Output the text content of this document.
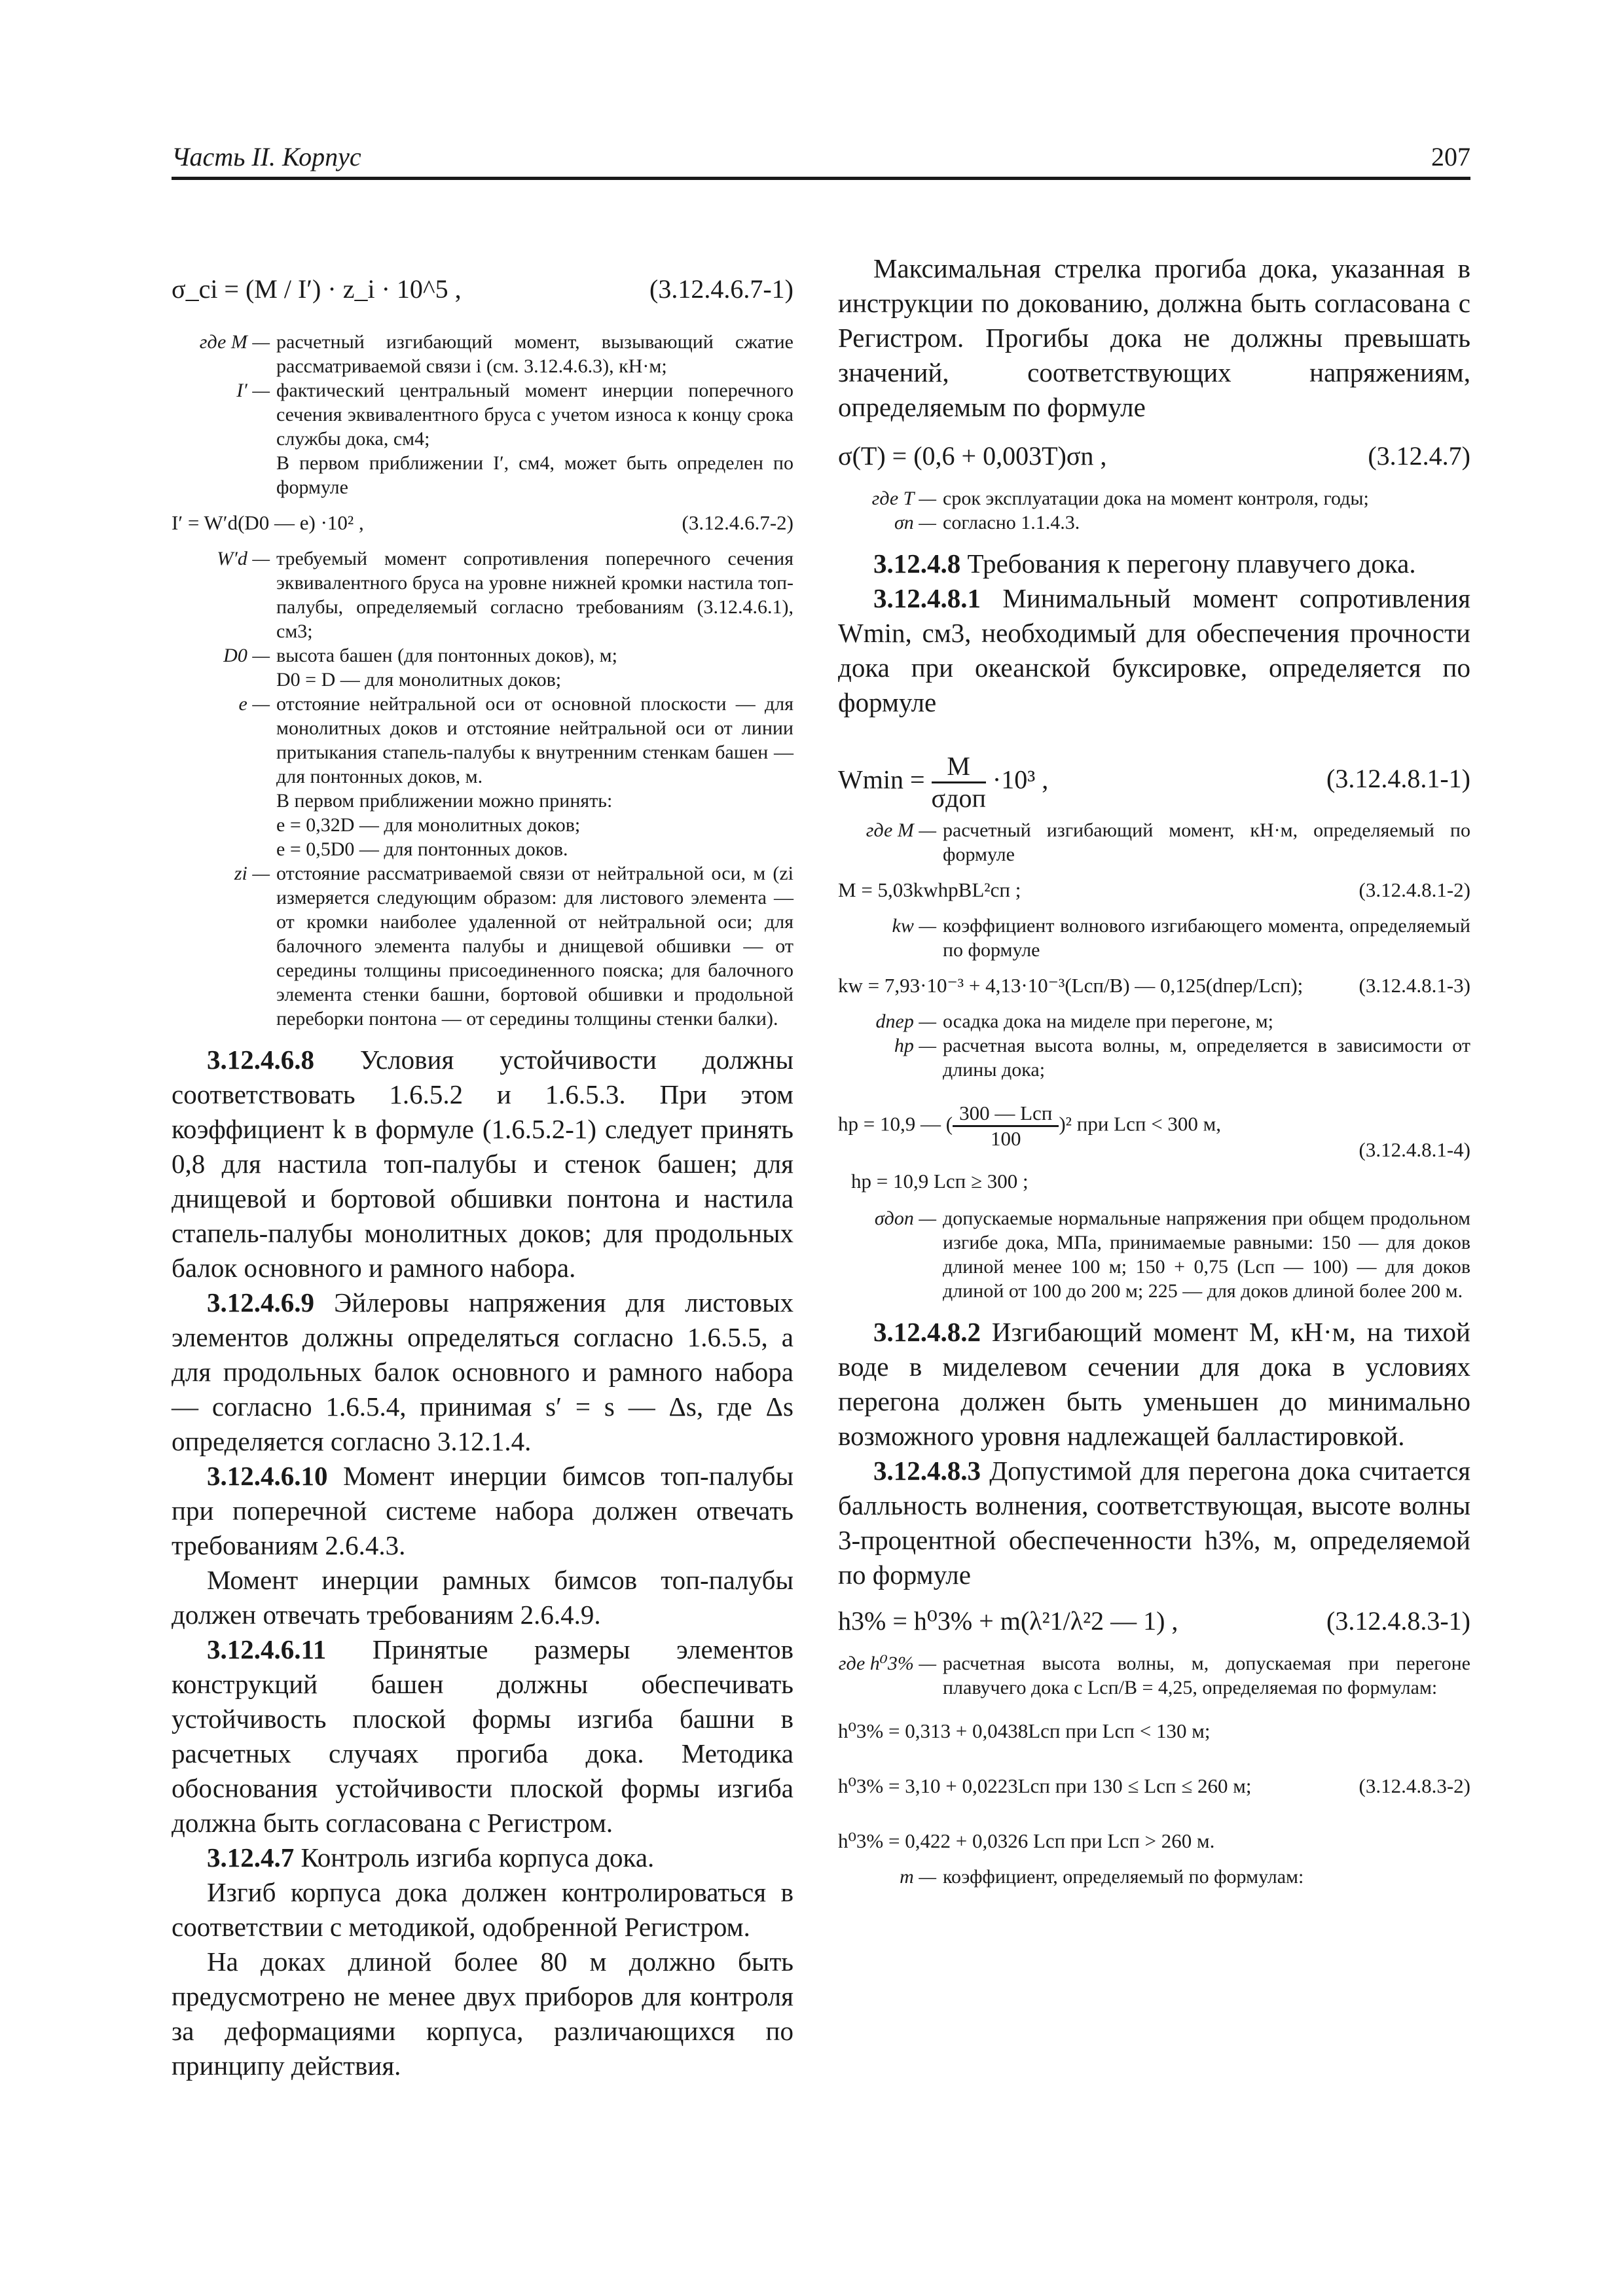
Часть II. Корпус	207
σ_ci = (M / I′) · z_i · 10^5 ,	(3.12.4.6.7-1)
где M — расчетный изгибающий момент, вызывающий сжатие рассматриваемой связи i (см. 3.12.4.6.3), кН·м;
I′ — фактический центральный момент инерции поперечного сечения эквивалентного бруса с учетом износа к концу срока службы дока, см4;
В первом приближении I′, см4, может быть определен по формуле
I′ = W′d(D0 — e) ·10² ,	(3.12.4.6.7-2)
W′d — требуемый момент сопротивления поперечного сечения эквивалентного бруса на уровне нижней кромки настила топ-палубы, определяемый согласно требованиям (3.12.4.6.1), см3;
D0 — высота башен (для понтонных доков), м;
D0 = D — для монолитных доков;
e — отстояние нейтральной оси от основной плоскости — для монолитных доков и отстояние нейтральной оси от линии притыкания стапель-палубы к внутренним стенкам башен — для понтонных доков, м.
В первом приближении можно принять:
e = 0,32D — для монолитных доков;
e = 0,5D0 — для понтонных доков.
zi — отстояние рассматриваемой связи от нейтральной оси, м (zi измеряется следующим образом: для листового элемента — от кромки наиболее удаленной от нейтральной оси; для балочного элемента палубы и днищевой обшивки — от середины толщины присоединенного пояска; для балочного элемента стенки башни, бортовой обшивки и продольной переборки понтона — от середины толщины стенки балки).

3.12.4.6.8 Условия устойчивости должны соответствовать 1.6.5.2 и 1.6.5.3. При этом коэффициент k в формуле (1.6.5.2-1) следует принять 0,8 для настила топ-палубы и стенок башен; для днищевой и бортовой обшивки понтона и настила стапель-палубы монолитных доков; для продольных балок основного и рамного набора.

3.12.4.6.9 Эйлеровы напряжения для листовых элементов должны определяться согласно 1.6.5.5, а для продольных балок основного и рамного набора — согласно 1.6.5.4, принимая s′ = s — Δs, где Δs определяется согласно 3.12.1.4.

3.12.4.6.10 Момент инерции бимсов топ-палубы при поперечной системе набора должен отвечать требованиям 2.6.4.3.

Момент инерции рамных бимсов топ-палубы должен отвечать требованиям 2.6.4.9.

3.12.4.6.11 Принятые размеры элементов конструкций башен должны обеспечивать устойчивость плоской формы изгиба башни в расчетных случаях прогиба дока. Методика обоснования устойчивости плоской формы изгиба должна быть согласована с Регистром.

3.12.4.7 Контроль изгиба корпуса дока.

Изгиб корпуса дока должен контролироваться в соответствии с методикой, одобренной Регистром.

На доках длиной более 80 м должно быть предусмотрено не менее двух приборов для контроля за деформациями корпуса, различающихся по принципу действия.

Максимальная стрелка прогиба дока, указанная в инструкции по докованию, должна быть согласована с Регистром. Прогибы дока не должны превышать значений, соответствующих напряжениям, определяемым по формуле

σ(T) = (0,6 + 0,003T)σn ,	(3.12.4.7)
где T — срок эксплуатации дока на момент контроля, годы;
σn — согласно 1.1.4.3.

3.12.4.8 Требования к перегону плавучего дока.

3.12.4.8.1 Минимальный момент сопротивления Wmin, см3, необходимый для обеспечения прочности дока при океанской буксировке, определяется по формуле

$Wmin = \frac{M}{\text{σдоп}} \cdot 10^3$ ,	(3.12.4.8.1-1)
где M — расчетный изгибающий момент, кН·м, определяемый по формуле
M = 5,03kwhpBL²сп ;	(3.12.4.8.1-2)
kw — коэффициент волнового изгибающего момента, определяемый по формуле
kw = 7,93·10⁻³ + 4,13·10⁻³(Lсп/B) — 0,125(dпер/Lсп);	(3.12.4.8.1-3)
dпер — осадка дока на миделе при перегоне, м;
hp — расчетная высота волны, м, определяется в зависимости от длины дока;
hp = 10,9 — ( $\frac{\text{300 — Lсп}}{100} )^2$ при Lсп < 300 м,
(3.12.4.8.1-4)
hp = 10,9 Lсп ≥ 300 ;
σдоп — допускаемые нормальные напряжения при общем продольном изгибе дока, МПа, принимаемые равными: 150 — для доков длиной менее 100 м; 150 + 0,75 (Lсп — 100) — для доков длиной от 100 до 200 м; 225 — для доков длиной более 200 м.

3.12.4.8.2 Изгибающий момент M, кН·м, на тихой воде в миделевом сечении для дока в условиях перегона должен быть уменьшен до минимально возможного уровня надлежащей балластировкой.

3.12.4.8.3 Допустимой для перегона дока считается балльность волнения, соответствующая, высоте волны 3-процентной обеспеченности h3%, м, определяемой по формуле

h3% = h⁰3% + m(λ²1/λ²2 — 1) ,	(3.12.4.8.3-1)
где h⁰3% — расчетная высота волны, м, допускаемая при перегоне плавучего дока с Lсп/B = 4,25, определяемая по формулам:
h⁰3% = 0,313 + 0,0438Lсп при Lсп < 130 м;
h⁰3% = 3,10 + 0,0223Lсп при 130 ≤ Lсп ≤ 260 м;	(3.12.4.8.3-2)
h⁰3% = 0,422 + 0,0326 Lсп при Lсп > 260 м.
m — коэффициент, определяемый по формулам:
